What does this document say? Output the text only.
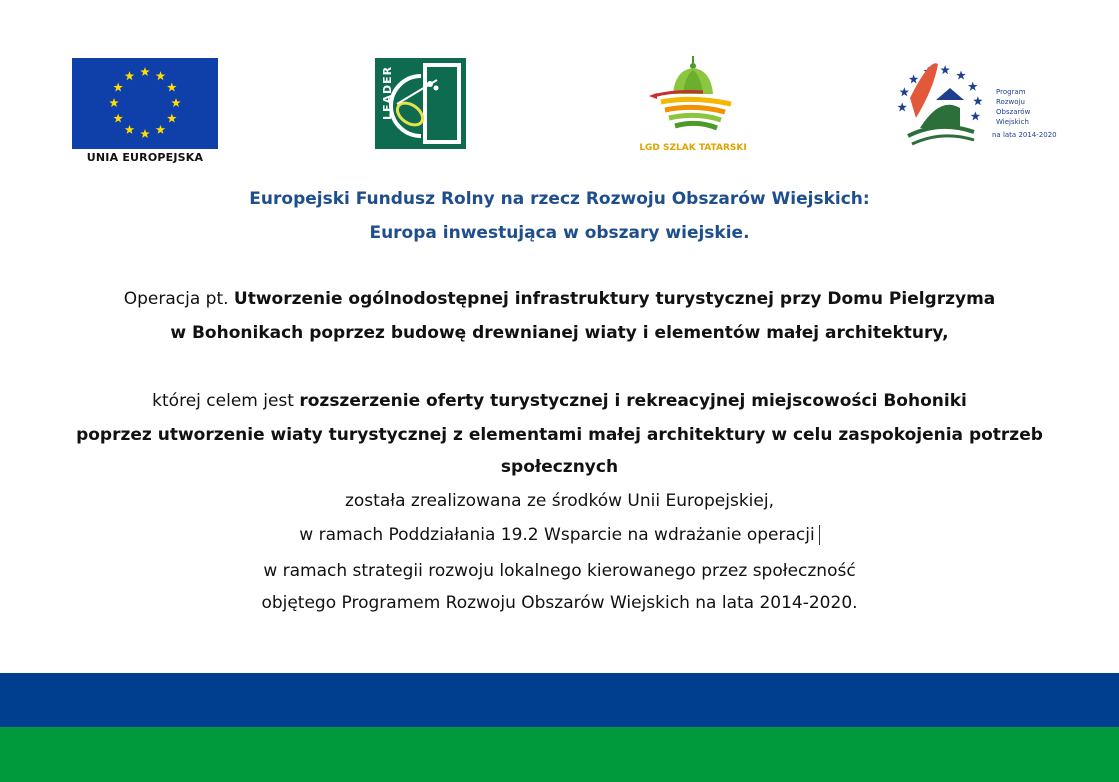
UNIA EUROPEJSKA
LEADER
LGD SZLAK TATARSKI
Program
Rozwoju
Obszarów
Wiejskich
na lata 2014-2020
Europejski Fundusz Rolny na rzecz Rozwoju Obszarów Wiejskich:
Europa inwestująca w obszary wiejskie.
Operacja pt. Utworzenie ogólnodostępnej infrastruktury turystycznej przy Domu Pielgrzyma
w Bohonikach poprzez budowę drewnianej wiaty i elementów małej architektury,
której celem jest rozszerzenie oferty turystycznej i rekreacyjnej miejscowości Bohoniki
poprzez utworzenie wiaty turystycznej z elementami małej architektury w celu zaspokojenia potrzeb
społecznych
została zrealizowana ze środków Unii Europejskiej,
w ramach Poddziałania 19.2 Wsparcie na wdrażanie operacji
w ramach strategii rozwoju lokalnego kierowanego przez społeczność
objętego Programem Rozwoju Obszarów Wiejskich na lata 2014-2020.
